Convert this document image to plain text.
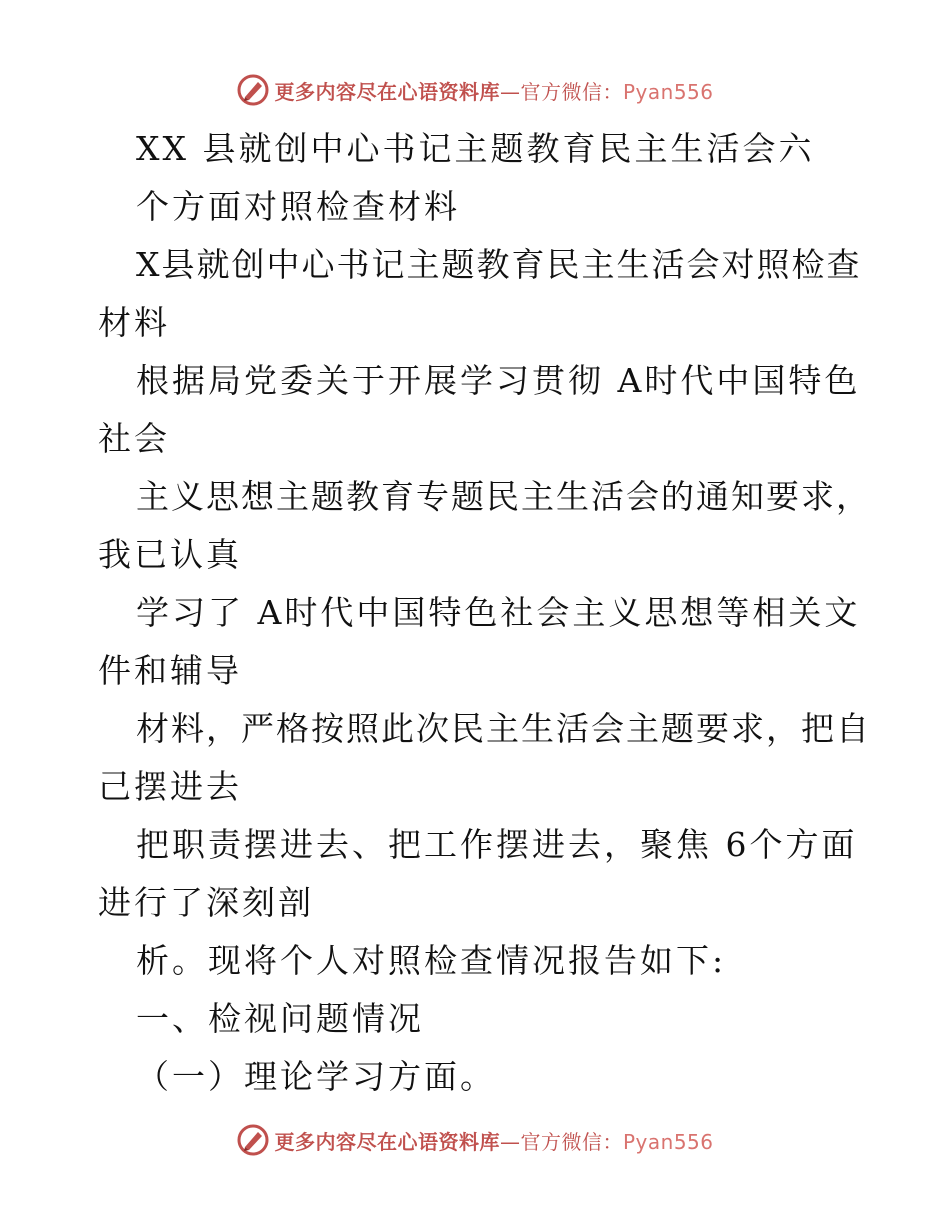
更多内容尽在心语资料库—官方微信：Pyan556

XX 县就创中心书记主题教育民主生活会六

个方面对照检查材料

X县就创中心书记主题教育民主生活会对照检查

材料

根据局党委关于开展学习贯彻 A时代中国特色

社会

主义思想主题教育专题民主生活会的通知要求，

我已认真

学习了 A时代中国特色社会主义思想等相关文

件和辅导

材料，严格按照此次民主生活会主题要求，把自

己摆进去

把职责摆进去、把工作摆进去，聚焦 6个方面

进行了深刻剖

析。现将个人对照检查情况报告如下:

一、检视问题情况

（一）理论学习方面。

更多内容尽在心语资料库—官方微信：Pyan556
